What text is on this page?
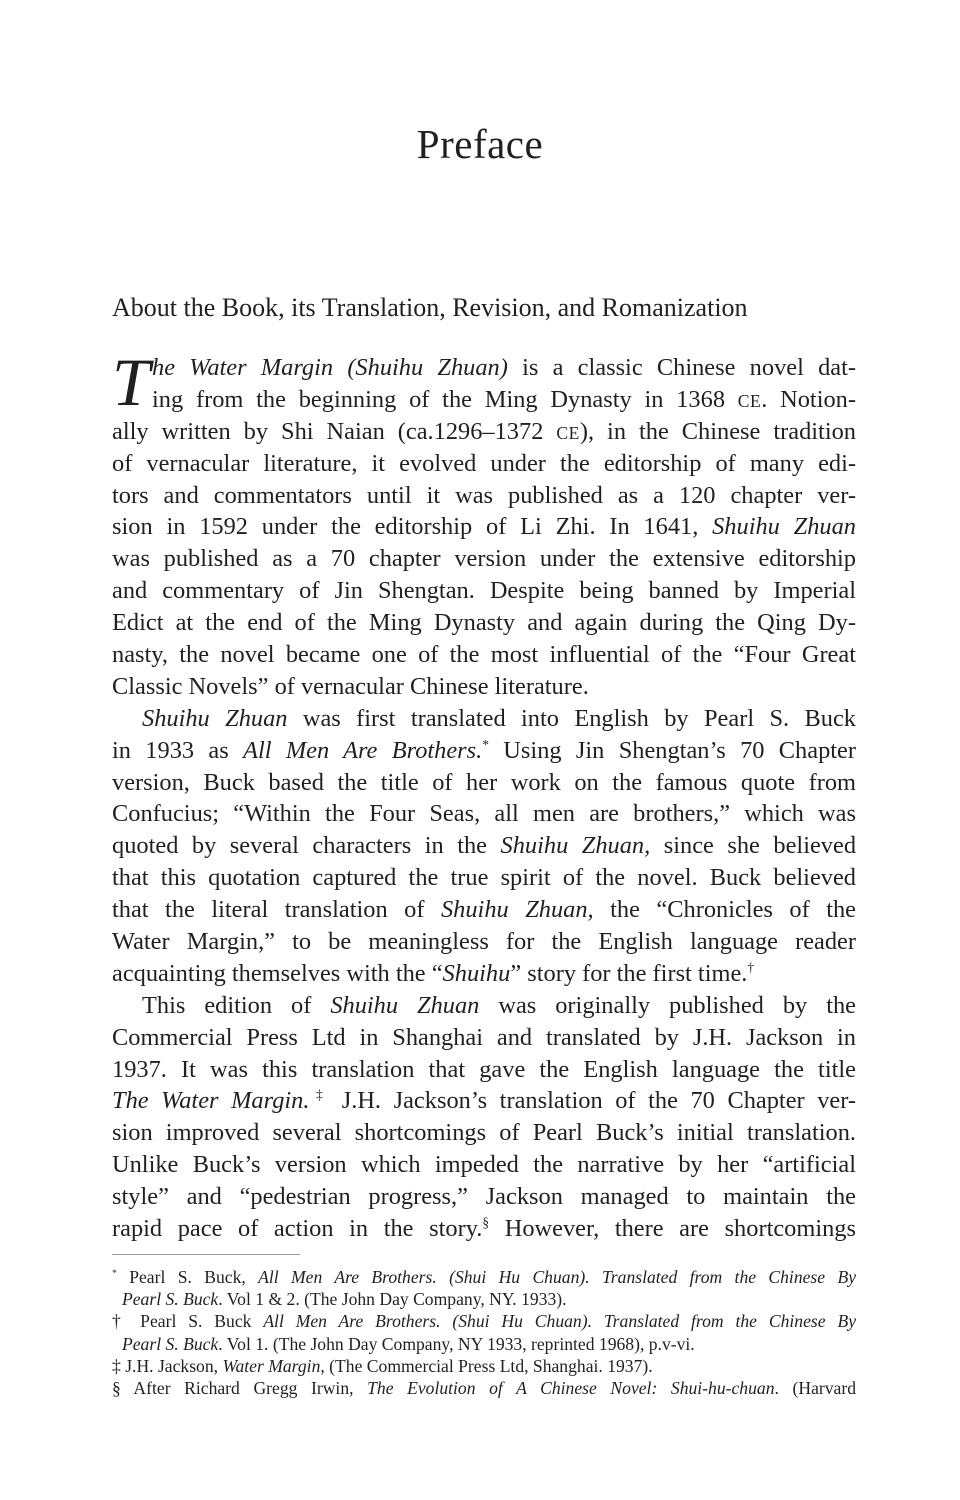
Preface
About the Book, its Translation, Revision, and Romanization
T he Water Margin (Shuihu Zhuan) is a classic Chinese novel dat-
ing from the beginning of the Ming Dynasty in 1368 CE. Notion-
ally written by Shi Naian (ca.1296–1372 CE), in the Chinese tradition
of vernacular literature, it evolved under the editorship of many edi-
tors and commentators until it was published as a 120 chapter ver-
sion in 1592 under the editorship of Li Zhi. In 1641, Shuihu Zhuan
was published as a 70 chapter version under the extensive editorship
and commentary of Jin Shengtan. Despite being banned by Imperial
Edict at the end of the Ming Dynasty and again during the Qing Dy-
nasty, the novel became one of the most influential of the “Four Great
Classic Novels” of vernacular Chinese literature.
Shuihu Zhuan was first translated into English by Pearl S. Buck
in 1933 as All Men Are Brothers.* Using Jin Shengtan’s 70 Chapter
version, Buck based the title of her work on the famous quote from
Confucius; “Within the Four Seas, all men are brothers,” which was
quoted by several characters in the Shuihu Zhuan, since she believed
that this quotation captured the true spirit of the novel. Buck believed
that the literal translation of Shuihu Zhuan, the “Chronicles of the
Water Margin,” to be meaningless for the English language reader
acquainting themselves with the “Shuihu” story for the first time.†
This edition of Shuihu Zhuan was originally published by the
Commercial Press Ltd in Shanghai and translated by J.H. Jackson in
1937. It was this translation that gave the English language the title
The Water Margin.‡ J.H. Jackson’s translation of the 70 Chapter ver-
sion improved several shortcomings of Pearl Buck’s initial translation.
Unlike Buck’s version which impeded the narrative by her “artificial
style” and “pedestrian progress,” Jackson managed to maintain the
rapid pace of action in the story.§ However, there are shortcomings
* Pearl S. Buck, All Men Are Brothers. (Shui Hu Chuan). Translated from the Chinese By
Pearl S. Buck. Vol 1 & 2. (The John Day Company, NY. 1933).
† Pearl S. Buck All Men Are Brothers. (Shui Hu Chuan). Translated from the Chinese By
Pearl S. Buck. Vol 1. (The John Day Company, NY 1933, reprinted 1968), p.v-vi.
‡ J.H. Jackson, Water Margin, (The Commercial Press Ltd, Shanghai. 1937).
§ After Richard Gregg Irwin, The Evolution of A Chinese Novel: Shui-hu-chuan. (Harvard
